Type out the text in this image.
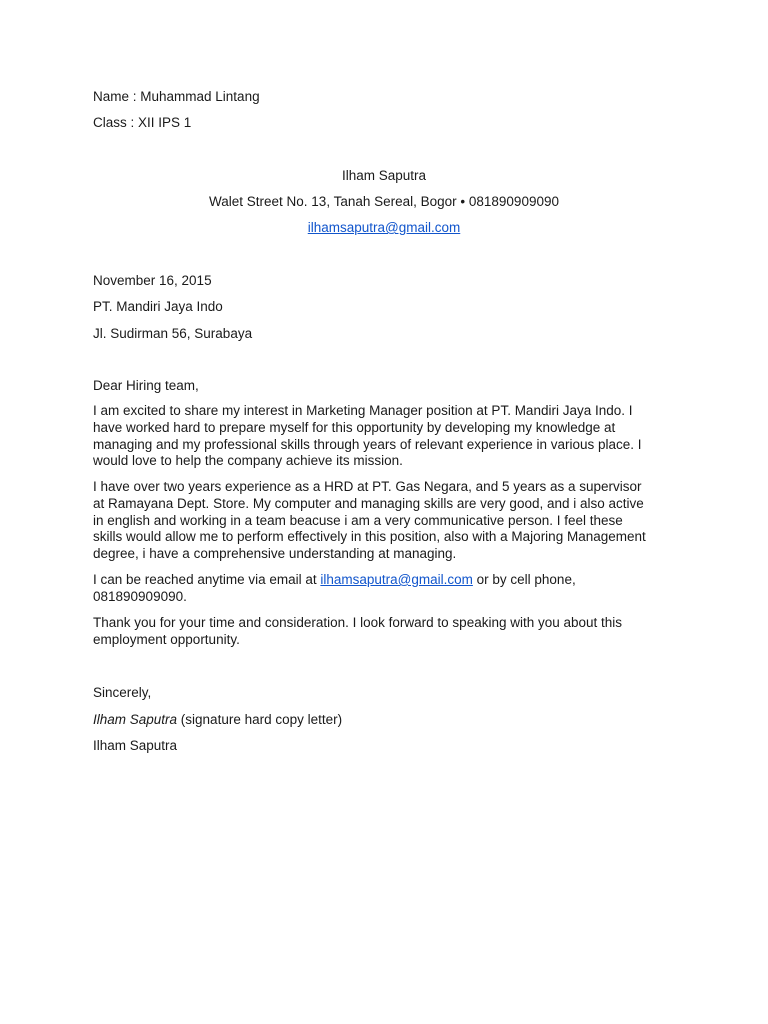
Name : Muhammad Lintang
Class : XII IPS 1
Ilham Saputra
Walet Street No. 13, Tanah Sereal, Bogor • 081890909090
ilhamsaputra@gmail.com
November 16, 2015
PT. Mandiri Jaya Indo
Jl. Sudirman 56, Surabaya
Dear Hiring team,
I am excited to share my interest in Marketing Manager position at PT. Mandiri Jaya Indo. I
have worked hard to prepare myself for this opportunity by developing my knowledge at
managing and my professional skills through years of relevant experience in various place. I
would love to help the company achieve its mission.
I have over two years experience as a HRD at PT. Gas Negara, and 5 years as a supervisor
at Ramayana Dept. Store. My computer and managing skills are very good, and i also active
in english and working in a team beacuse i am a very communicative person. I feel these
skills would allow me to perform effectively in this position, also with a Majoring Management
degree, i have a comprehensive understanding at managing.
I can be reached anytime via email at ilhamsaputra@gmail.com or by cell phone,
081890909090.
Thank you for your time and consideration. I look forward to speaking with you about this
employment opportunity.
Sincerely,
Ilham Saputra (signature hard copy letter)
Ilham Saputra
